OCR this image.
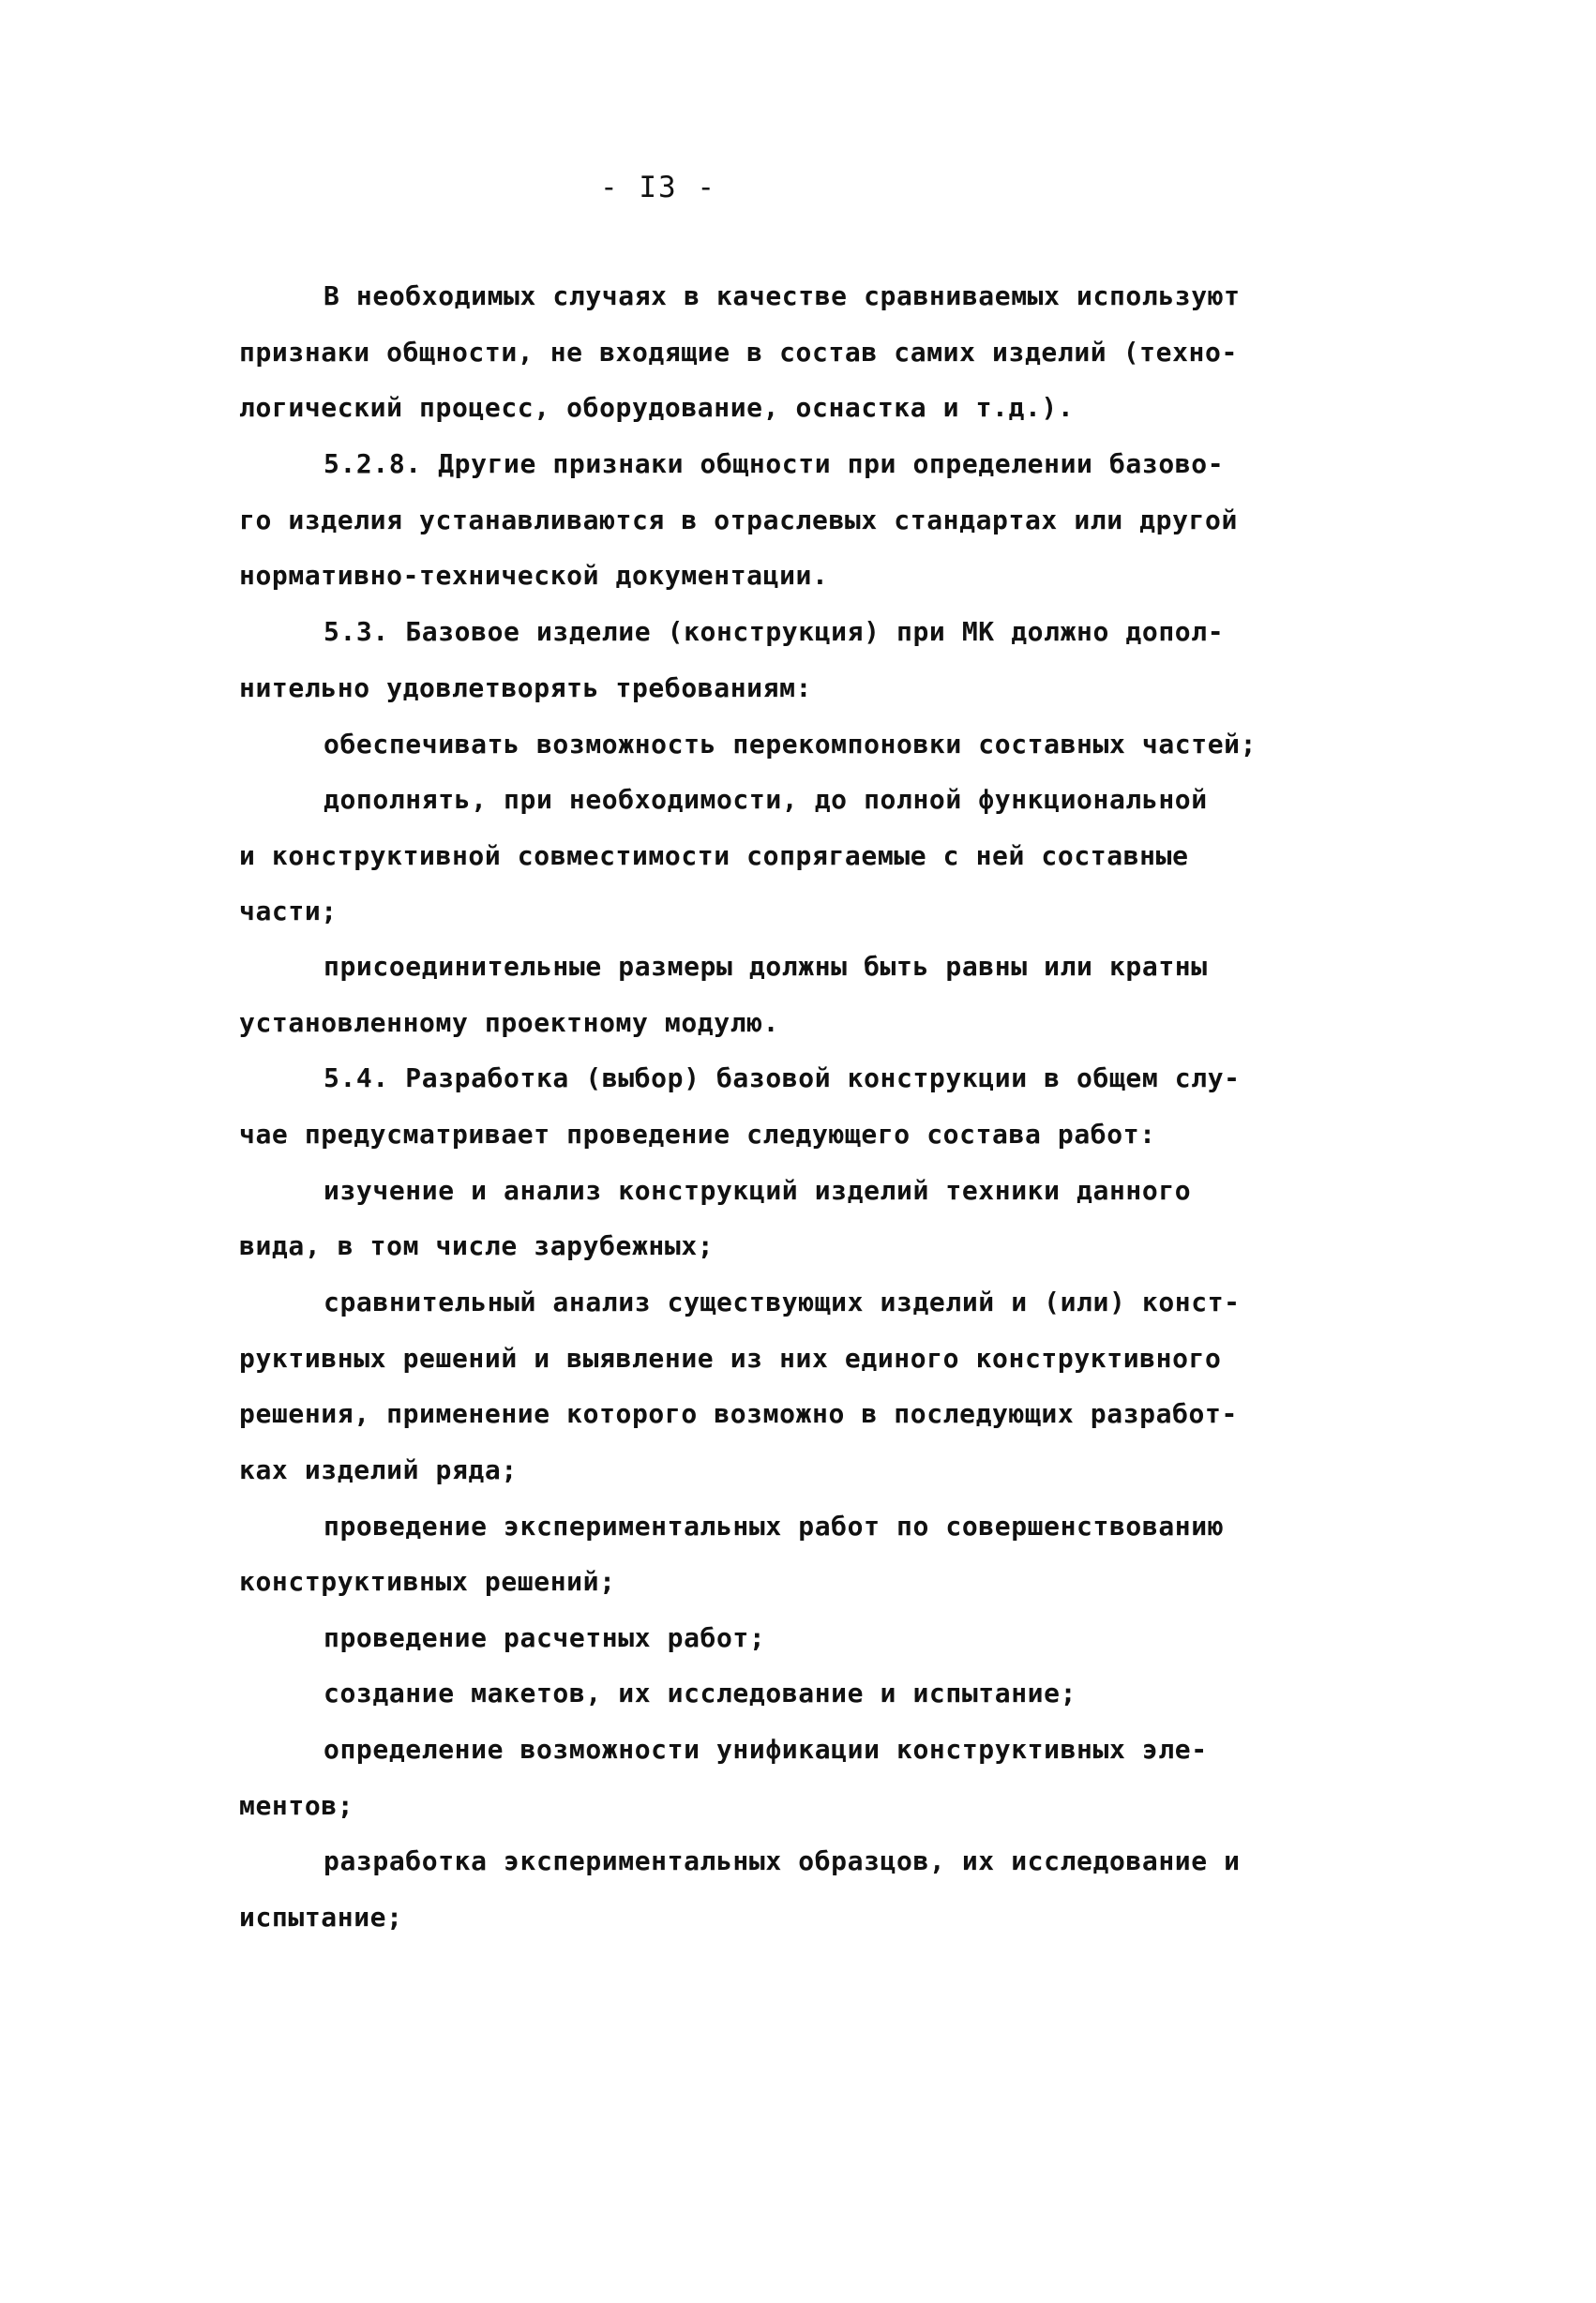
- I3 -
В необходимых случаях в качестве сравниваемых используют
признаки общности, не входящие в состав самих изделий (техно-
логический процесс, оборудование, оснастка и т.д.).
5.2.8. Другие признаки общности при определении базово-
го изделия устанавливаются в отраслевых стандартах или другой
нормативно-технической документации.
5.3. Базовое изделие (конструкция) при МК должно допол-
нительно удовлетворять требованиям:
обеспечивать возможность перекомпоновки составных частей;
дополнять, при необходимости, до полной функциональной
и конструктивной совместимости сопрягаемые с ней составные
части;
присоединительные размеры должны быть равны или кратны
установленному проектному модулю.
5.4. Разработка (выбор) базовой конструкции в общем слу-
чае предусматривает проведение следующего состава работ:
изучение и анализ конструкций изделий техники данного
вида, в том числе зарубежных;
сравнительный анализ существующих изделий и (или) конст-
руктивных решений и выявление из них единого конструктивного
решения, применение которого возможно в последующих разработ-
ках изделий ряда;
проведение экспериментальных работ по совершенствованию
конструктивных решений;
проведение расчетных работ;
создание макетов, их исследование и испытание;
определение возможности унификации конструктивных эле-
ментов;
разработка экспериментальных образцов, их исследование и
испытание;
